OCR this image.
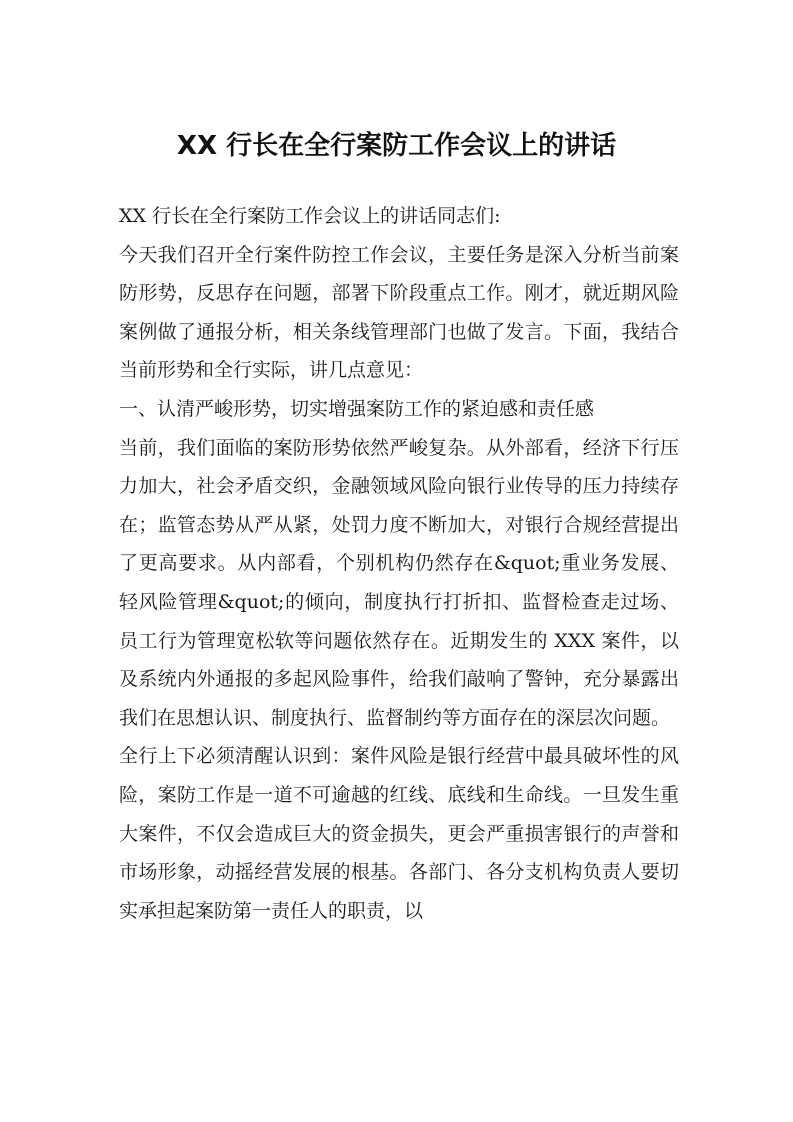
XX 行长在全行案防工作会议上的讲话

XX 行长在全行案防工作会议上的讲话同志们:

今天我们召开全行案件防控工作会议，主要任务是深入分析当前案防形势，反思存在问题，部署下阶段重点工作。刚才，就近期风险案例做了通报分析，相关条线管理部门也做了发言。下面，我结合当前形势和全行实际，讲几点意见：

一、认清严峻形势，切实增强案防工作的紧迫感和责任感

当前，我们面临的案防形势依然严峻复杂。从外部看，经济下行压力加大，社会矛盾交织，金融领域风险向银行业传导的压力持续存在；监管态势从严从紧，处罚力度不断加大，对银行合规经营提出了更高要求。从内部看，个别机构仍然存在&quot;重业务发展、轻风险管理&quot;的倾向，制度执行打折扣、监督检查走过场、员工行为管理宽松软等问题依然存在。近期发生的 XXX 案件，以及系统内外通报的多起风险事件，给我们敲响了警钟，充分暴露出我们在思想认识、制度执行、监督制约等方面存在的深层次问题。

全行上下必须清醒认识到：案件风险是银行经营中最具破坏性的风险，案防工作是一道不可逾越的红线、底线和生命线。一旦发生重大案件，不仅会造成巨大的资金损失，更会严重损害银行的声誉和市场形象，动摇经营发展的根基。各部门、各分支机构负责人要切实承担起案防第一责任人的职责，以
